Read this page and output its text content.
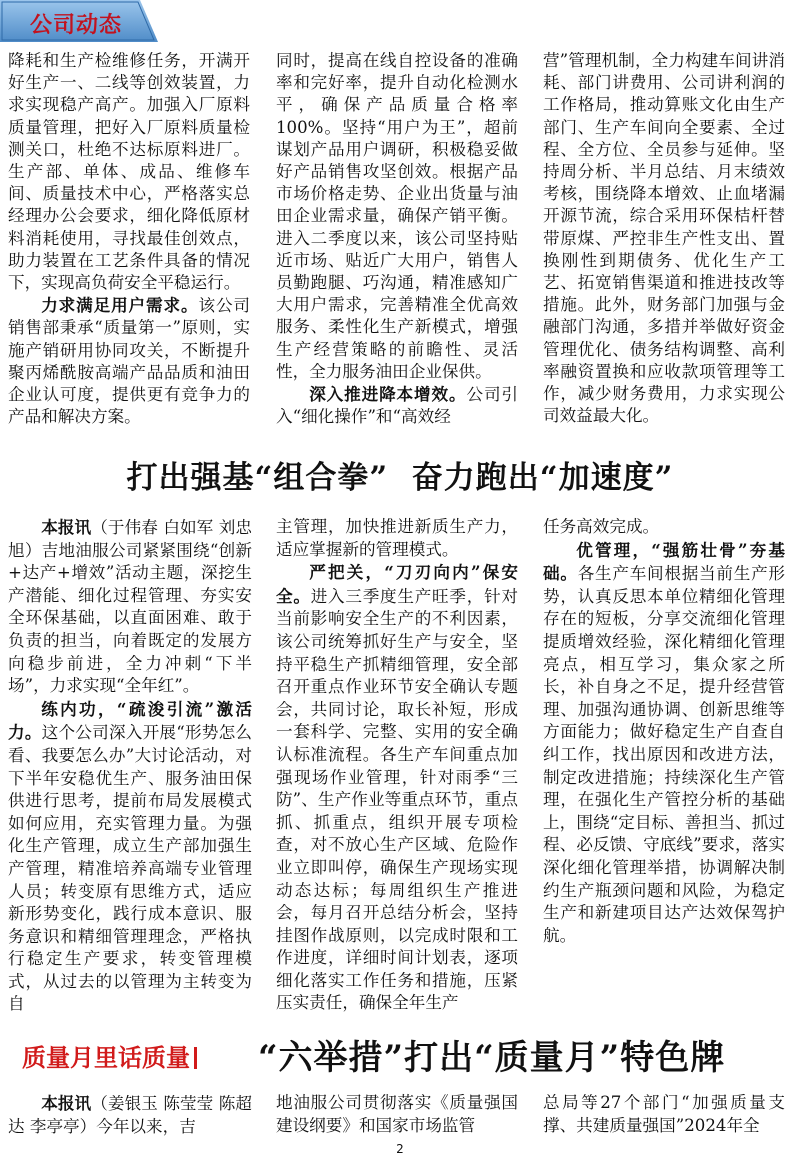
公司动态

降耗和生产检维修任务，开满开好生产一、二线等创效装置，力求实现稳产高产。加强入厂原料质量管理，把好入厂原料质量检测关口，杜绝不达标原料进厂。生产部、单体、成品、维修车间、质量技术中心，严格落实总经理办公会要求，细化降低原材料消耗使用，寻找最佳创效点，助力装置在工艺条件具备的情况下，实现高负荷安全平稳运行。

力求满足用户需求。该公司销售部秉承“质量第一”原则，实施产销研用协同攻关，不断提升聚丙烯酰胺高端产品品质和油田企业认可度，提供更有竞争力的产品和解决方案。

同时，提高在线自控设备的准确率和完好率，提升自动化检测水平，确保产品质量合格率100%。坚持“用户为王”，超前谋划产品用户调研，积极稳妥做好产品销售攻坚创效。根据产品市场价格走势、企业出货量与油田企业需求量，确保产销平衡。进入二季度以来，该公司坚持贴近市场、贴近广大用户，销售人员勤跑腿、巧沟通，精准感知广大用户需求，完善精准全优高效服务、柔性化生产新模式，增强生产经营策略的前瞻性、灵活性，全力服务油田企业保供。

深入推进降本增效。公司引入“细化操作”和“高效经

营”管理机制，全力构建车间讲消耗、部门讲费用、公司讲利润的工作格局，推动算账文化由生产部门、生产车间向全要素、全过程、全方位、全员参与延伸。坚持周分析、半月总结、月末绩效考核，围绕降本增效、止血堵漏开源节流，综合采用环保桔杆替带原煤、严控非生产性支出、置换刚性到期债务、优化生产工艺、拓宽销售渠道和推进技改等措施。此外，财务部门加强与金融部门沟通，多措并举做好资金管理优化、债务结构调整、高利率融资置换和应收款项管理等工作，减少财务费用，力求实现公司效益最大化。

打出强基“组合拳”  奋力跑出“加速度”

本报讯（于伟春 白如军 刘忠旭）吉地油服公司紧紧围绕“创新+达产+增效”活动主题，深挖生产潜能、细化过程管理、夯实安全环保基础，以直面困难、敢于负责的担当，向着既定的发展方向稳步前进，全力冲刺“下半场”，力求实现“全年红”。

练内功，“疏浚引流”激活力。这个公司深入开展“形势怎么看、我要怎么办”大讨论活动，对下半年安稳优生产、服务油田保供进行思考，提前布局发展模式如何应用，充实管理力量。为强化生产管理，成立生产部加强生产管理，精准培养高端专业管理人员；转变原有思维方式，适应新形势变化，践行成本意识、服务意识和精细管理理念，严格执行稳定生产要求，转变管理模式，从过去的以管理为主转变为自

主管理，加快推进新质生产力，适应掌握新的管理模式。

严把关，“刀刃向内”保安全。进入三季度生产旺季，针对当前影响安全生产的不利因素，该公司统筹抓好生产与安全，坚持平稳生产抓精细管理，安全部召开重点作业环节安全确认专题会，共同讨论，取长补短，形成一套科学、完整、实用的安全确认标准流程。各生产车间重点加强现场作业管理，针对雨季“三防”、生产作业等重点环节，重点抓、抓重点，组织开展专项检查，对不放心生产区域、危险作业立即叫停，确保生产现场实现动态达标；每周组织生产推进会，每月召开总结分析会，坚持挂图作战原则，以完成时限和工作进度，详细时间计划表，逐项细化落实工作任务和措施，压紧压实责任，确保全年生产

任务高效完成。

优管理，“强筋壮骨”夯基础。各生产车间根据当前生产形势，认真反思本单位精细化管理存在的短板，分享交流细化管理提质增效经验，深化精细化管理亮点，相互学习，集众家之所长，补自身之不足，提升经营管理、加强沟通协调、创新思维等方面能力；做好稳定生产自查自纠工作，找出原因和改进方法，制定改进措施；持续深化生产管理，在强化生产管控分析的基础上，围绕“定目标、善担当、抓过程、必反馈、守底线”要求，落实深化细化管理举措，协调解决制约生产瓶颈问题和风险，为稳定生产和新建项目达产达效保驾护航。

质量月里话质量 “六举措”打出“质量月”特色牌

本报讯（姜银玉 陈莹莹 陈超达 李亭亭）今年以来，吉

地油服公司贯彻落实《质量强国建设纲要》和国家市场监管

总局等27个部门“加强质量支撑、共建质量强国”2024年全

2
